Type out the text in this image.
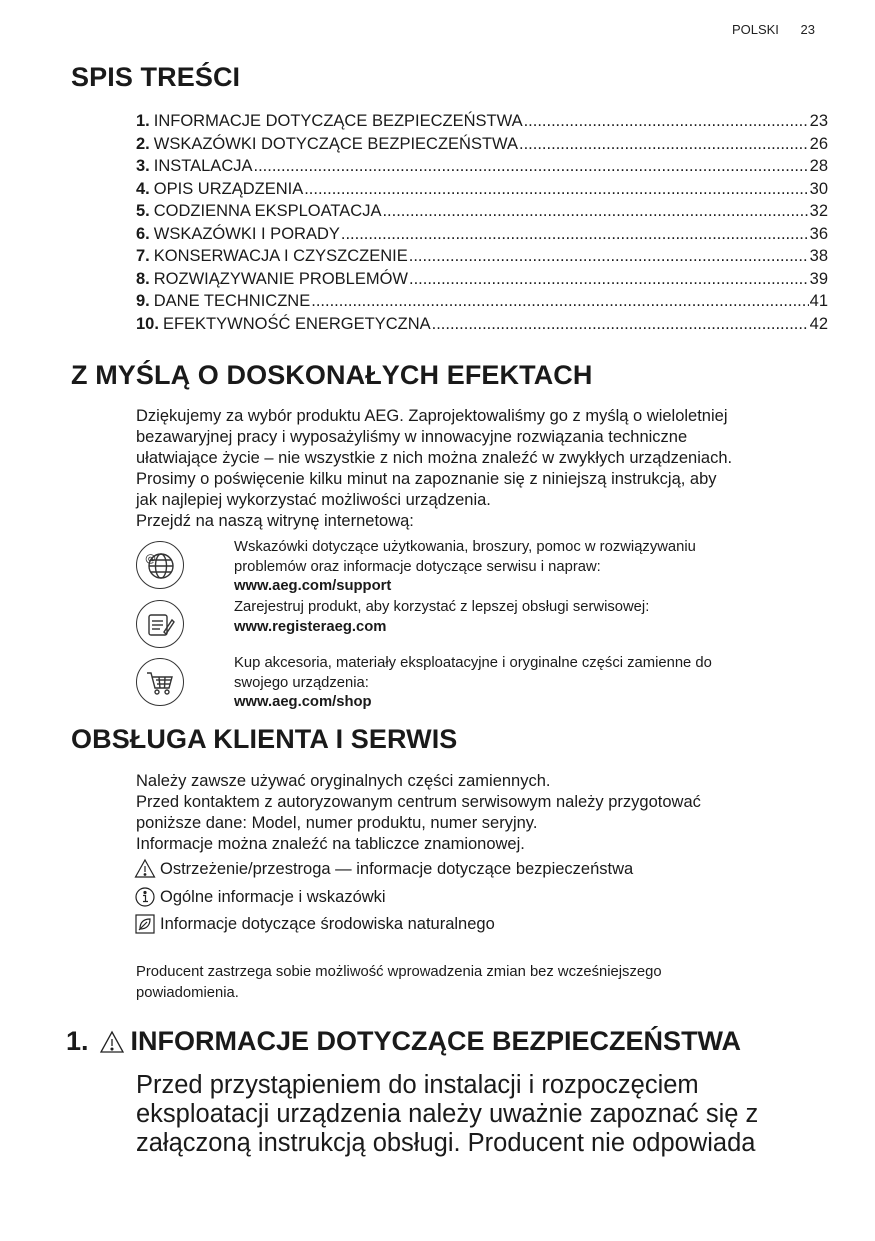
POLSKI 23
SPIS TREŚCI
1. INFORMACJE DOTYCZĄCE BEZPIECZEŃSTWA .....	23
2. WSKAZÓWKI DOTYCZĄCE BEZPIECZEŃSTWA .....	26
3. INSTALACJA .....	28
4. OPIS URZĄDZENIA .....	30
5. CODZIENNA EKSPLOATACJA .....	32
6. WSKAZÓWKI I PORADY .....	36
7. KONSERWACJA I CZYSZCZENIE .....	38
8. ROZWIĄZYWANIE PROBLEMÓW .....	39
9. DANE TECHNICZNE .....	41
10. EFEKTYWNOŚĆ ENERGETYCZNA .....	42
Z MYŚLĄ O DOSKONAŁYCH EFEKTACH
Dziękujemy za wybór produktu AEG. Zaprojektowaliśmy go z myślą o wieloletniej
bezawaryjnej pracy i wyposażyliśmy w innowacyjne rozwiązania techniczne
ułatwiające życie – nie wszystkie z nich można znaleźć w zwykłych urządzeniach.
Prosimy o poświęcenie kilku minut na zapoznanie się z niniejszą instrukcją, aby
jak najlepiej wykorzystać możliwości urządzenia.
Przejdź na naszą witrynę internetową:
@
Wskazówki dotyczące użytkowania, broszury, pomoc w rozwiązywaniu
problemów oraz informacje dotyczące serwisu i napraw:
www.aeg.com/support
Zarejestruj produkt, aby korzystać z lepszej obsługi serwisowej:
www.registeraeg.com
Kup akcesoria, materiały eksploatacyjne i oryginalne części zamienne do
swojego urządzenia:
www.aeg.com/shop
OBSŁUGA KLIENTA I SERWIS
Należy zawsze używać oryginalnych części zamiennych.
Przed kontaktem z autoryzowanym centrum serwisowym należy przygotować
poniższe dane: Model, numer produktu, numer seryjny.
Informacje można znaleźć na tabliczce znamionowej.
Ostrzeżenie/przestroga — informacje dotyczące bezpieczeństwa
Ogólne informacje i wskazówki
Informacje dotyczące środowiska naturalnego
Producent zastrzega sobie możliwość wprowadzenia zmian bez wcześniejszego
powiadomienia.
1. INFORMACJE DOTYCZĄCE BEZPIECZEŃSTWA
Przed przystąpieniem do instalacji i rozpoczęciem
eksploatacji urządzenia należy uważnie zapoznać się z
załączoną instrukcją obsługi. Producent nie odpowiada
